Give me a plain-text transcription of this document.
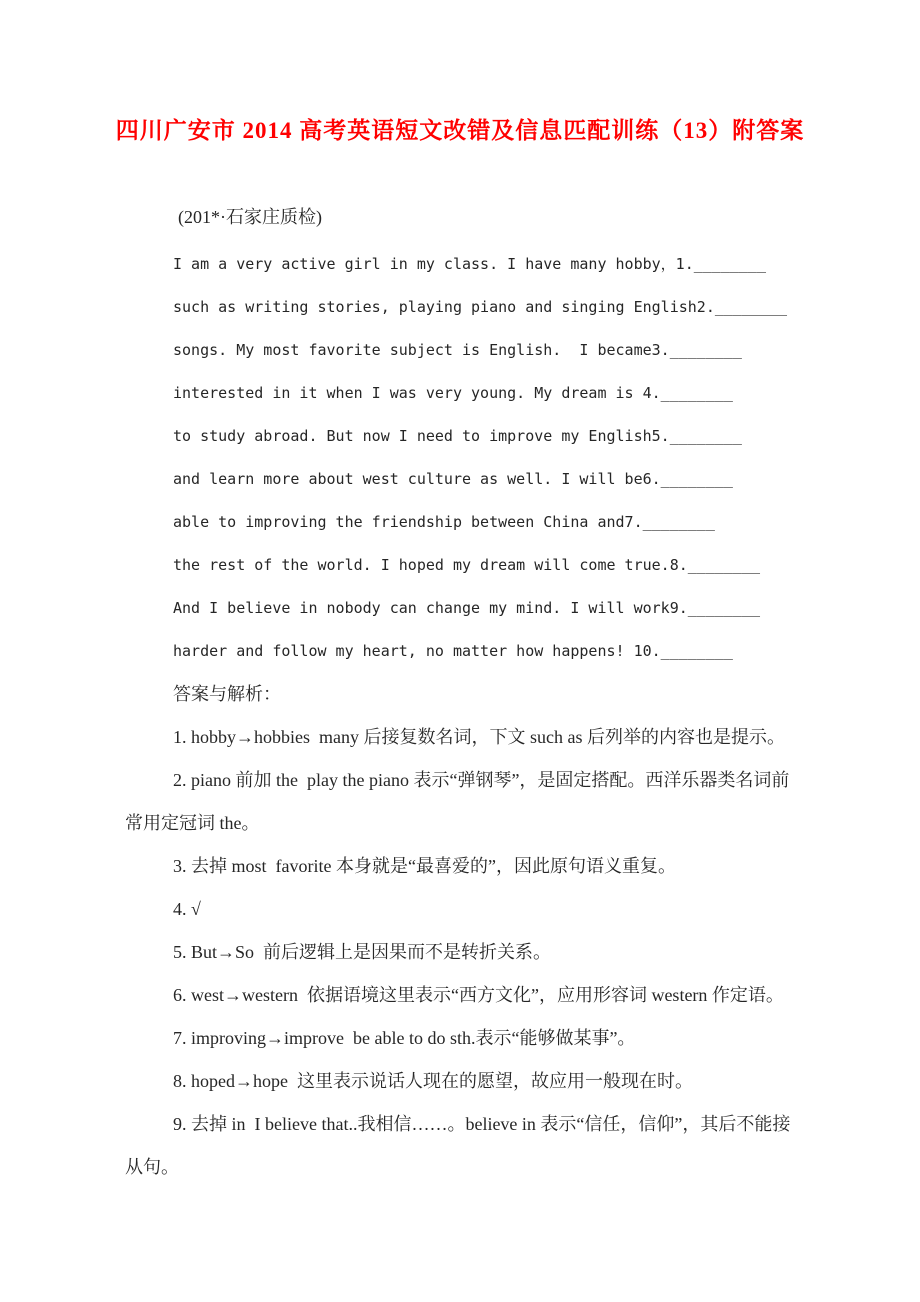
四川广安市 2014 高考英语短文改错及信息匹配训练（13）附答案

(201*·石家庄质检)

I am a very active girl in my class. I have many hobby，1.________

such as writing stories, playing piano and singing English2.________

songs. My most favorite subject is English.  I became3.________

interested in it when I was very young. My dream is 4.________

to study abroad. But now I need to improve my English5.________

and learn more about west culture as well. I will be6.________

able to improving the friendship between China and7.________

the rest of the world. I hoped my dream will come true.8.________

And I believe in nobody can change my mind. I will work9.________

harder and follow my heart, no matter how happens! 10.________

答案与解析：

1. hobby→hobbies  many 后接复数名词，下文 such as 后列举的内容也是提示。

2. piano 前加 the  play the piano 表示“弹钢琴”，是固定搭配。西洋乐器类名词前常用定冠词 the。

3. 去掉 most  favorite 本身就是“最喜爱的”，因此原句语义重复。

4. √

5. But→So  前后逻辑上是因果而不是转折关系。

6. west→western  依据语境这里表示“西方文化”，应用形容词 western 作定语。

7. improving→improve  be able to do sth.表示“能够做某事”。

8. hoped→hope  这里表示说话人现在的愿望，故应用一般现在时。

9. 去掉 in  I believe that..我相信……。believe in 表示“信任，信仰”，其后不能接从句。
